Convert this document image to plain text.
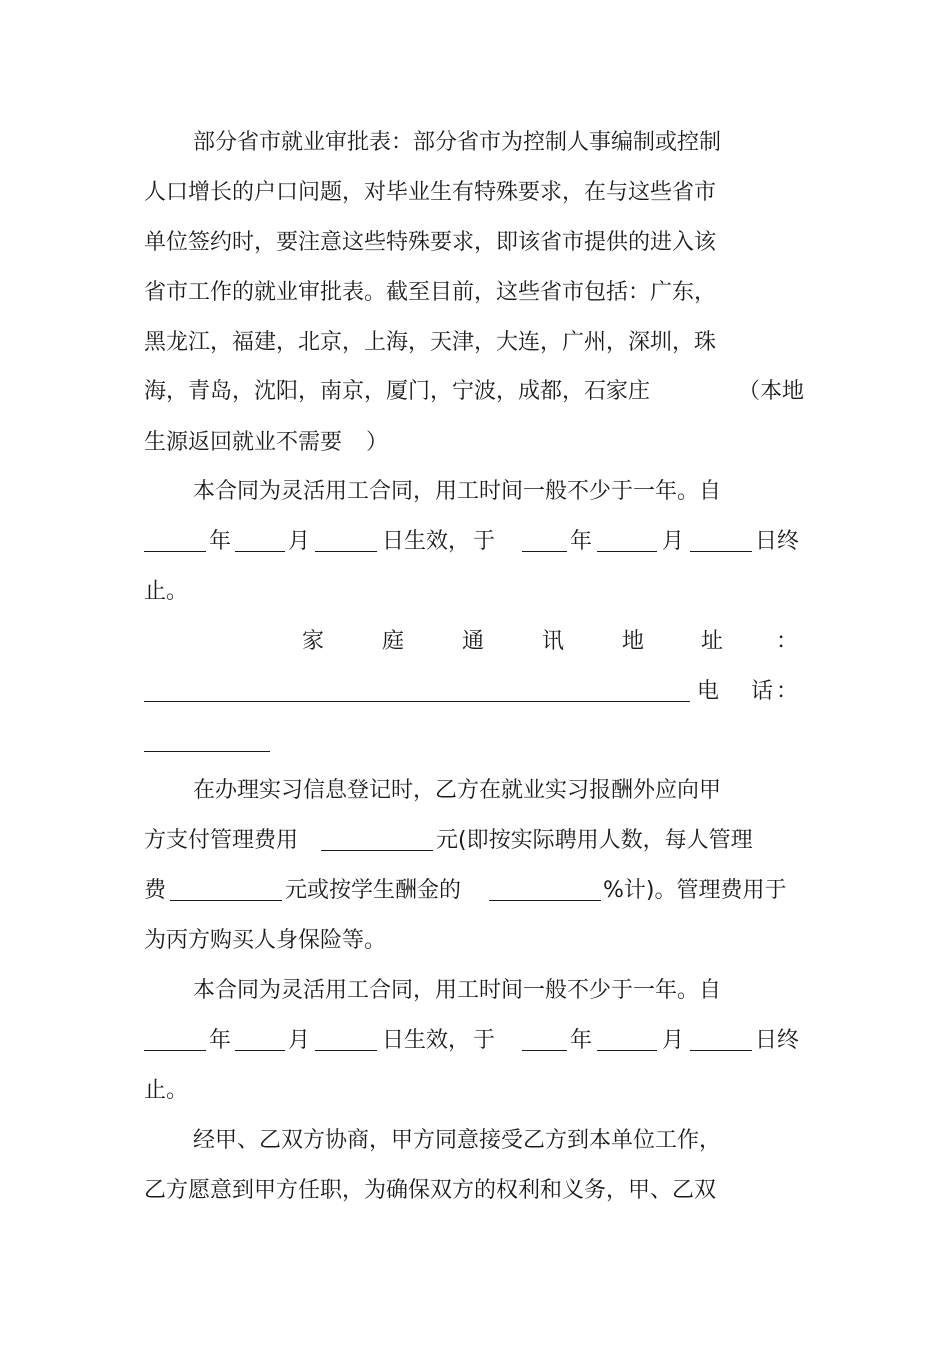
部分省市就业审批表：部分省市为控制人事编制或控制
人口增长的户口问题，对毕业生有特殊要求，在与这些省市
单位签约时，要注意这些特殊要求，即该省市提供的进入该
省市工作的就业审批表。截至目前，这些省市包括：广东，
黑龙江，福建，北京，上海，天津，大连，广州，深圳，珠
海，青岛，沈阳，南京，厦门，宁波，成都，石家庄	（本地
生源返回就业不需要 ）
本合同为灵活用工合同，用工时间一般不少于一年。自
年	月	日生效， 于	年	月	日终
止。
家	庭	通	讯	地	址 ：
电 话 ：
在办理实习信息登记时，乙方在就业实习报酬外应向甲
方支付管理费用	元(即按实际聘用人数，每人管理
费	元或按学生酬金的	%计)。管理费用于
为丙方购买人身保险等。
本合同为灵活用工合同，用工时间一般不少于一年。自
年	月	日生效， 于	年	月	日终
止。
经甲、乙双方协商，甲方同意接受乙方到本单位工作，
乙方愿意到甲方任职，为确保双方的权利和义务，甲、乙双
